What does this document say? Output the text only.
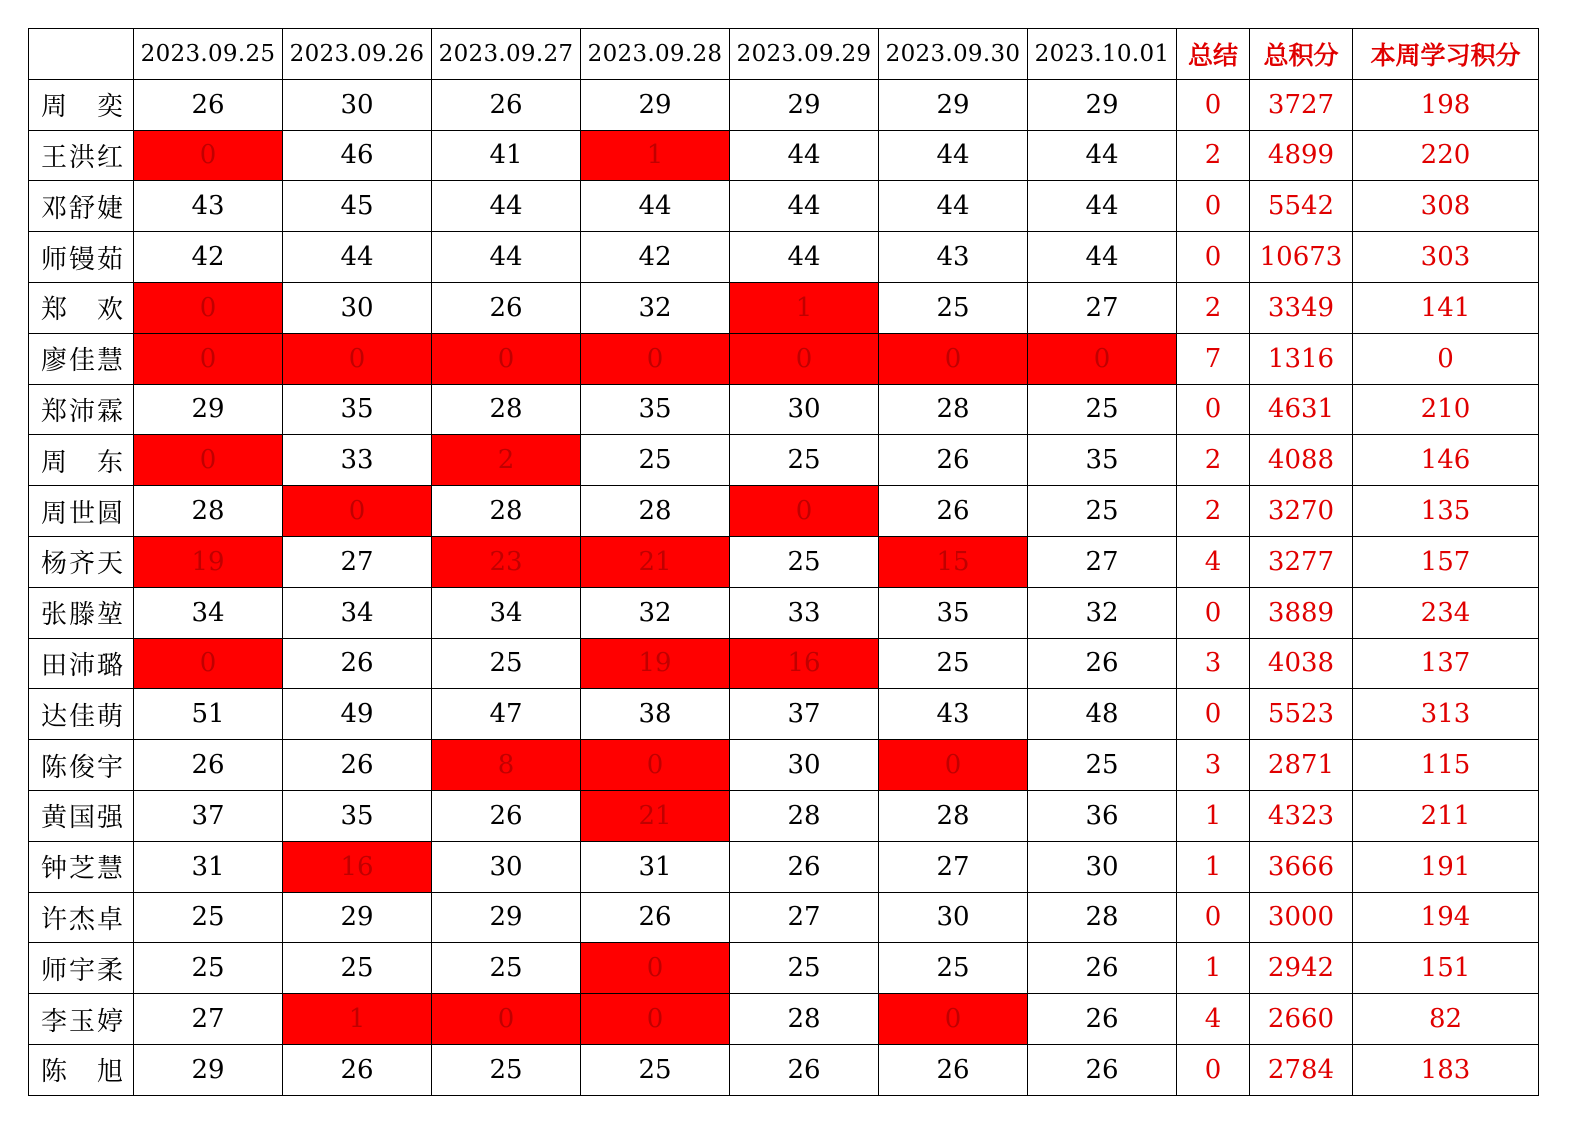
	2023.09.25	2023.09.26	2023.09.27	2023.09.28	2023.09.29	2023.09.30	2023.10.01	总结	总积分	本周学习积分
周　奕	26	30	26	29	29	29	29	0	3727	198
王洪红	0	46	41	1	44	44	44	2	4899	220
邓舒婕	43	45	44	44	44	44	44	0	5542	308
师镘茹	42	44	44	42	44	43	44	0	10673	303
郑　欢	0	30	26	32	1	25	27	2	3349	141
廖佳慧	0	0	0	0	0	0	0	7	1316	0
郑沛霖	29	35	28	35	30	28	25	0	4631	210
周　东	0	33	2	25	25	26	35	2	4088	146
周世圆	28	0	28	28	0	26	25	2	3270	135
杨齐天	19	27	23	21	25	15	27	4	3277	157
张滕堃	34	34	34	32	33	35	32	0	3889	234
田沛璐	0	26	25	19	16	25	26	3	4038	137
达佳萌	51	49	47	38	37	43	48	0	5523	313
陈俊宇	26	26	8	0	30	0	25	3	2871	115
黄国强	37	35	26	21	28	28	36	1	4323	211
钟芝慧	31	16	30	31	26	27	30	1	3666	191
许杰卓	25	29	29	26	27	30	28	0	3000	194
师宇柔	25	25	25	0	25	25	26	1	2942	151
李玉婷	27	1	0	0	28	0	26	4	2660	82
陈　旭	29	26	25	25	26	26	26	0	2784	183
